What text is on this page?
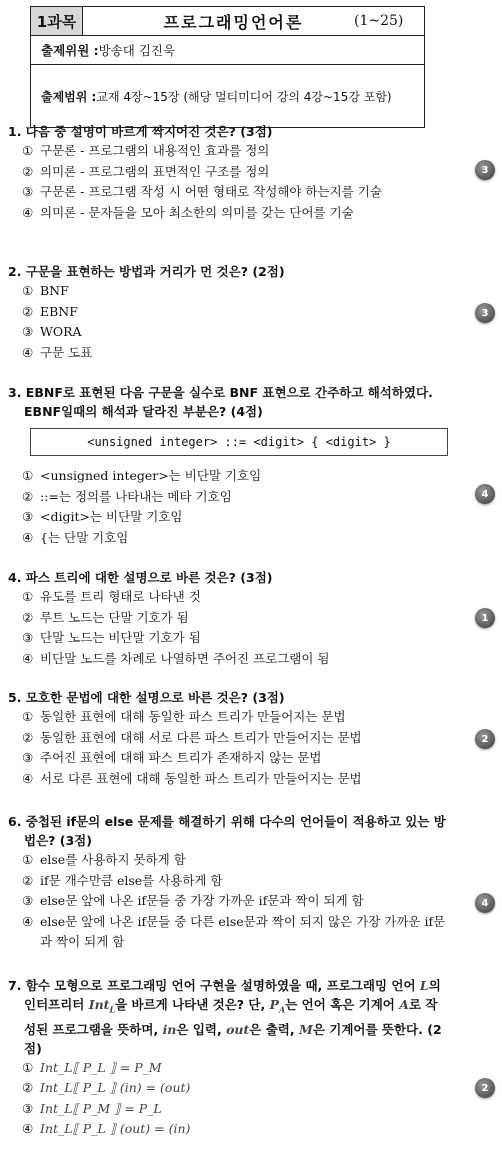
1과목	프로그래밍언어론	(1~25)
출제위원 : 방송대 김진욱
출제범위 : 교재 4장~15장 (해당 멀티미디어 강의 4강~15강 포함)
1. 다음 중 설명이 바르게 짝지어진 것은? (3점)
① 구문론 - 프로그램의 내용적인 효과를 정의
② 의미론 - 프로그램의 표면적인 구조를 정의
③ 구문론 - 프로그램 작성 시 어떤 형태로 작성해야 하는지를 기술
④ 의미론 - 문자들을 모아 최소한의 의미를 갖는 단어를 기술
3
2. 구문을 표현하는 방법과 거리가 먼 것은? (2점)
① BNF
② EBNF
③ WORA
④ 구문 도표
3
3. EBNF로 표현된 다음 구문을 실수로 BNF 표현으로 간주하고 해석하였다. EBNF일때의 해석과 달라진 부분은? (4점)
<unsigned integer> ::= <digit> { <digit> }
① <unsigned integer>는 비단말 기호임
② ::=는 정의를 나타내는 메타 기호임
③ <digit>는 비단말 기호임
④ {는 단말 기호임
4
4. 파스 트리에 대한 설명으로 바른 것은? (3점)
① 유도를 트리 형태로 나타낸 것
② 루트 노드는 단말 기호가 됨
③ 단말 노드는 비단말 기호가 됨
④ 비단말 노드를 차례로 나열하면 주어진 프로그램이 됨
1
5. 모호한 문법에 대한 설명으로 바른 것은? (3점)
① 동일한 표현에 대해 동일한 파스 트리가 만들어지는 문법
② 동일한 표현에 대해 서로 다른 파스 트리가 만들어지는 문법
③ 주어진 표현에 대해 파스 트리가 존재하지 않는 문법
④ 서로 다른 표현에 대해 동일한 파스 트리가 만들어지는 문법
2
6. 중첩된 if문의 else 문제를 해결하기 위해 다수의 언어들이 적용하고 있는 방법은? (3점)
① else를 사용하지 못하게 함
② if문 개수만큼 else를 사용하게 함
③ else문 앞에 나온 if문들 중 가장 가까운 if문과 짝이 되게 함
④ else문 앞에 나온 if문들 중 다른 else문과 짝이 되지 않은 가장 가까운 if문과 짝이 되게 함
4
7. 함수 모형으로 프로그래밍 언어 구현을 설명하였을 때, 프로그래밍 언어 L의 인터프리터 Int$_L$을 바르게 나타낸 것은? 단, $P_A$는 언어 혹은 기계어 A로 작성된 프로그램을 뜻하며, in은 입력, out은 출력, M은 기계어를 뜻한다. (2점)
① Int_L⟦ P_L ⟧ = P_M
② Int_L⟦ P_L ⟧ (in) = (out)
③ Int_L⟦ P_M ⟧ = P_L
④ Int_L⟦ P_L ⟧ (out) = (in)
2
